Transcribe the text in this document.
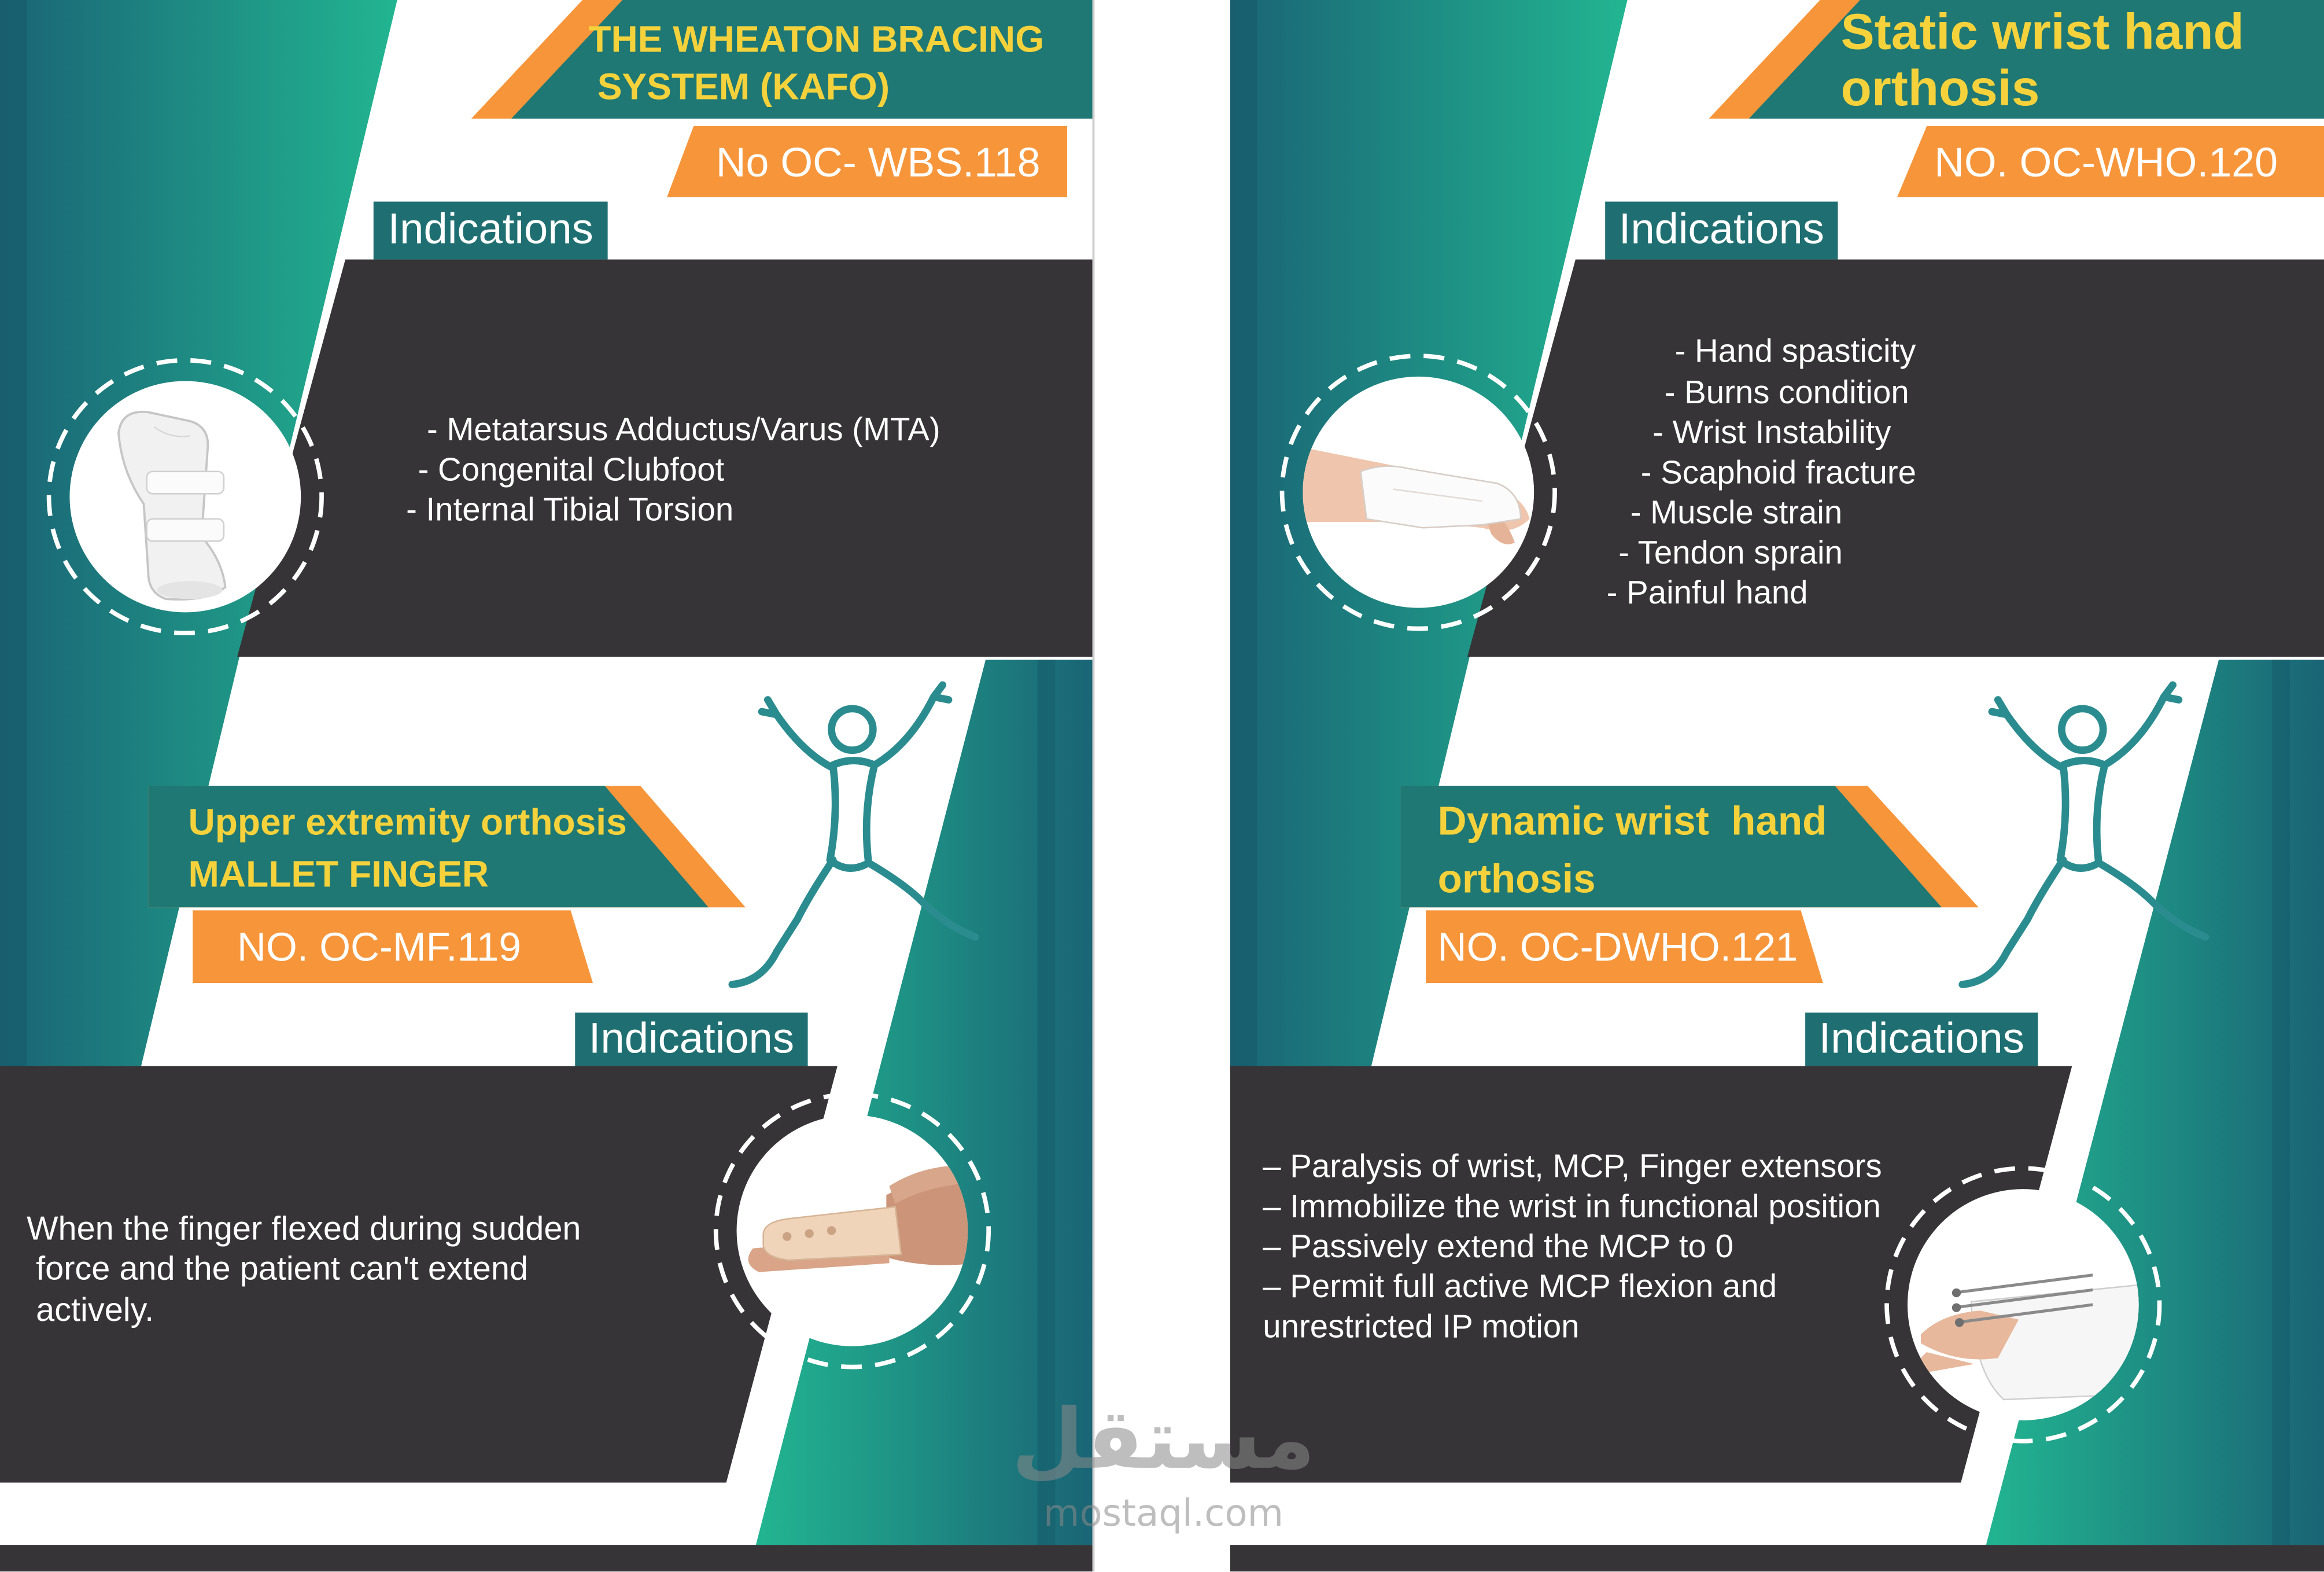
THE WHEATON BRACING
SYSTEM (KAFO)
No OC- WBS.118
Indications
- Metatarsus Adductus/Varus (MTA)
- Congenital Clubfoot
- Internal Tibial Torsion
Upper extremity orthosis
MALLET FINGER
NO. OC-MF.119
Indications
When the finger flexed during sudden
force and the patient can't extend
actively.
Static wrist hand
orthosis
NO. OC-WHO.120
Indications
- Hand spasticity
- Burns condition
- Wrist Instability
- Scaphoid fracture
- Muscle strain
- Tendon sprain
- Painful hand
Dynamic wrist  hand
orthosis
NO. OC-DWHO.121
Indications
– Paralysis of wrist, MCP, Finger extensors
– Immobilize the wrist in functional position
– Passively extend the MCP to 0
– Permit full active MCP flexion and
unrestricted IP motion
مستقل
mostaql.com
